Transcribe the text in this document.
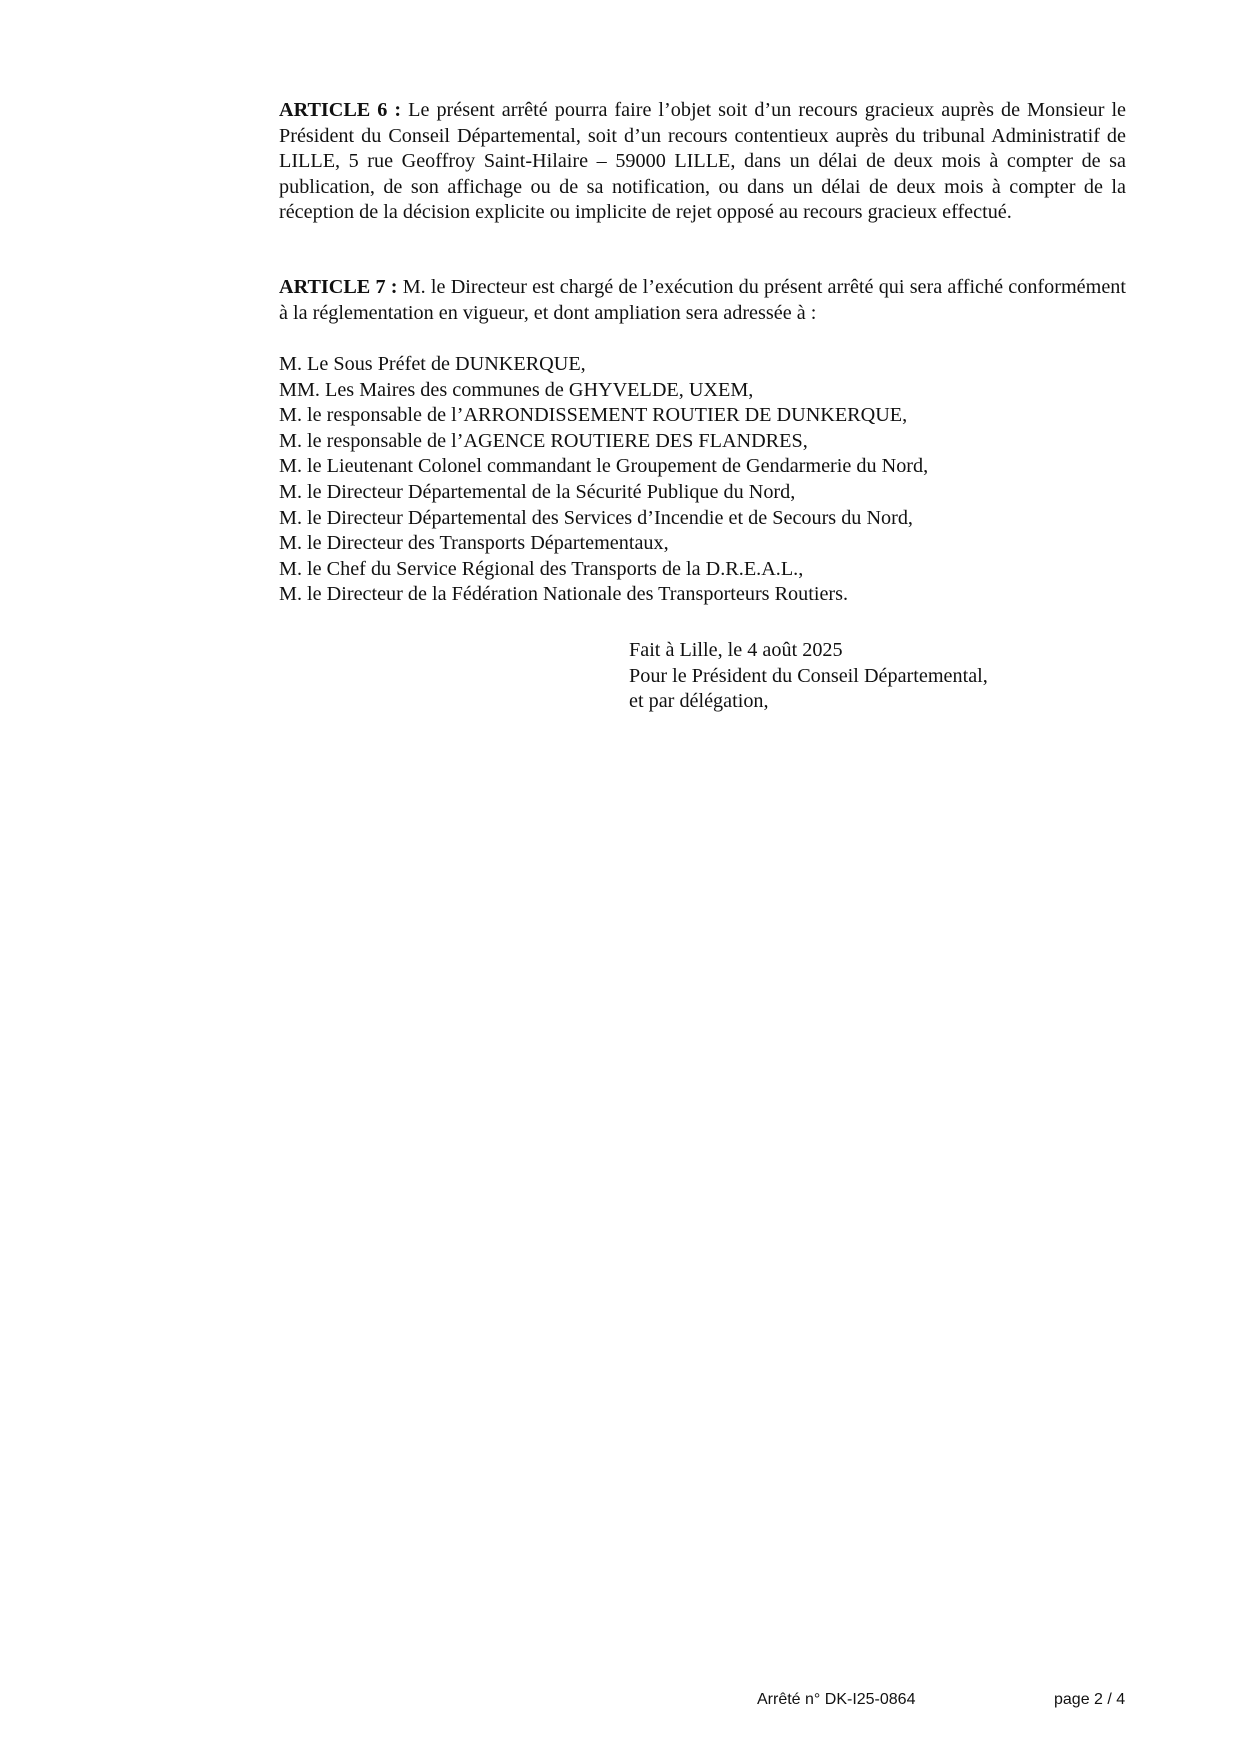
ARTICLE 6 : Le présent arrêté pourra faire l’objet soit d’un recours gracieux auprès de Monsieur le Président du Conseil Départemental, soit d’un recours contentieux auprès du tribunal Administratif de LILLE, 5 rue Geoffroy Saint-Hilaire – 59000 LILLE, dans un délai de deux mois à compter de sa publication, de son affichage ou de sa notification, ou dans un délai de deux mois à compter de la réception de la décision explicite ou implicite de rejet opposé au recours gracieux effectué.

ARTICLE 7 : M. le Directeur est chargé de l’exécution du présent arrêté qui sera affiché conformément à la réglementation en vigueur, et dont ampliation sera adressée à :

M. Le Sous Préfet de DUNKERQUE,
MM. Les Maires des communes de GHYVELDE, UXEM,
M. le responsable de l’ARRONDISSEMENT ROUTIER DE DUNKERQUE,
M. le responsable de l’AGENCE ROUTIERE DES FLANDRES,
M. le Lieutenant Colonel commandant le Groupement de Gendarmerie du Nord,
M. le Directeur Départemental de la Sécurité Publique du Nord,
M. le Directeur Départemental des Services d’Incendie et de Secours du Nord,
M. le Directeur des Transports Départementaux,
M. le Chef du Service Régional des Transports de la D.R.E.A.L.,
M. le Directeur de la Fédération Nationale des Transporteurs Routiers.
Fait à Lille, le 4 août 2025
Pour le Président du Conseil Départemental,
et par délégation,
Arrêté n° DK-I25-0864	page 2 / 4
